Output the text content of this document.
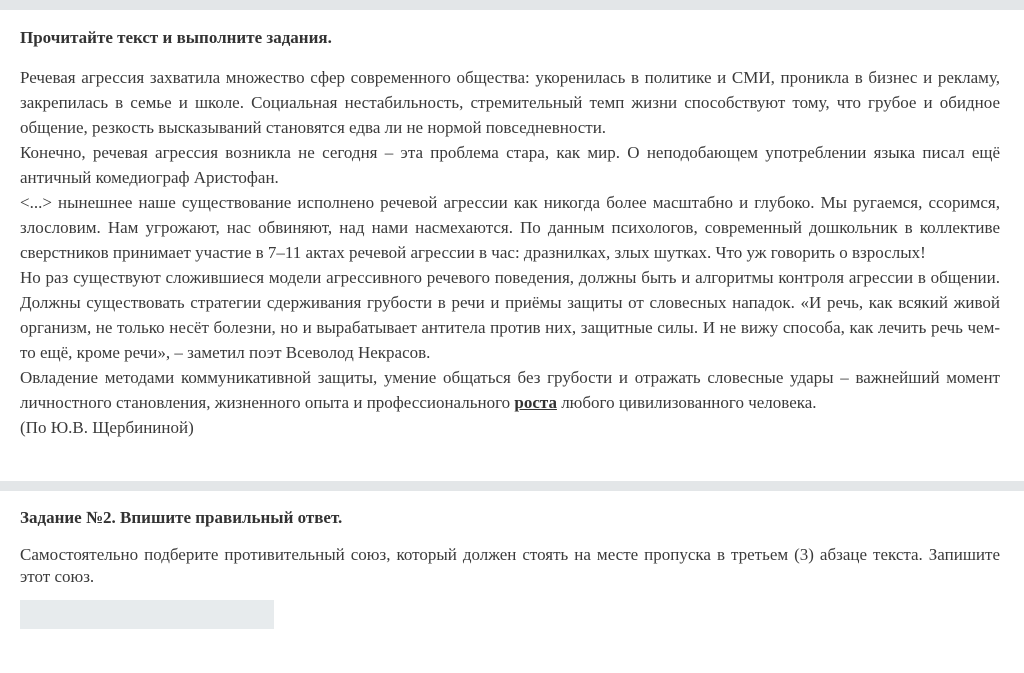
Прочитайте текст и выполните задания.

Речевая агрессия захватила множество сфер современного общества: укоренилась в политике и СМИ, проникла в бизнес и рекламу, закрепилась в семье и школе. Социальная нестабильность, стремительный темп жизни способствуют тому, что грубое и обидное общение, резкость высказываний становятся едва ли не нормой повседневности.

Конечно, речевая агрессия возникла не сегодня – эта проблема стара, как мир. О неподобающем употреблении языка писал ещё античный комедиограф Аристофан.

<...> нынешнее наше существование исполнено речевой агрессии как никогда более масштабно и глубоко. Мы ругаемся, ссоримся, злословим. Нам угрожают, нас обвиняют, над нами насмехаются. По данным психологов, современный дошкольник в коллективе сверстников принимает участие в 7–11 актах речевой агрессии в час: дразнилках, злых шутках. Что уж говорить о взрослых!

Но раз существуют сложившиеся модели агрессивного речевого поведения, должны быть и алгоритмы контроля агрессии в общении. Должны существовать стратегии сдерживания грубости в речи и приёмы защиты от словесных нападок. «И речь, как всякий живой организм, не только несёт болезни, но и вырабатывает антитела против них, защитные силы. И не вижу способа, как лечить речь чем-то ещё, кроме речи», – заметил поэт Всеволод Некрасов.

Овладение методами коммуникативной защиты, умение общаться без грубости и отражать словесные удары – важнейший момент личностного становления, жизненного опыта и профессионального роста любого цивилизованного человека.

(По Ю.В. Щербининой)

Задание №2. Впишите правильный ответ.

Самостоятельно подберите противительный союз, который должен стоять на месте пропуска в третьем (3) абзаце текста. Запишите этот союз.
